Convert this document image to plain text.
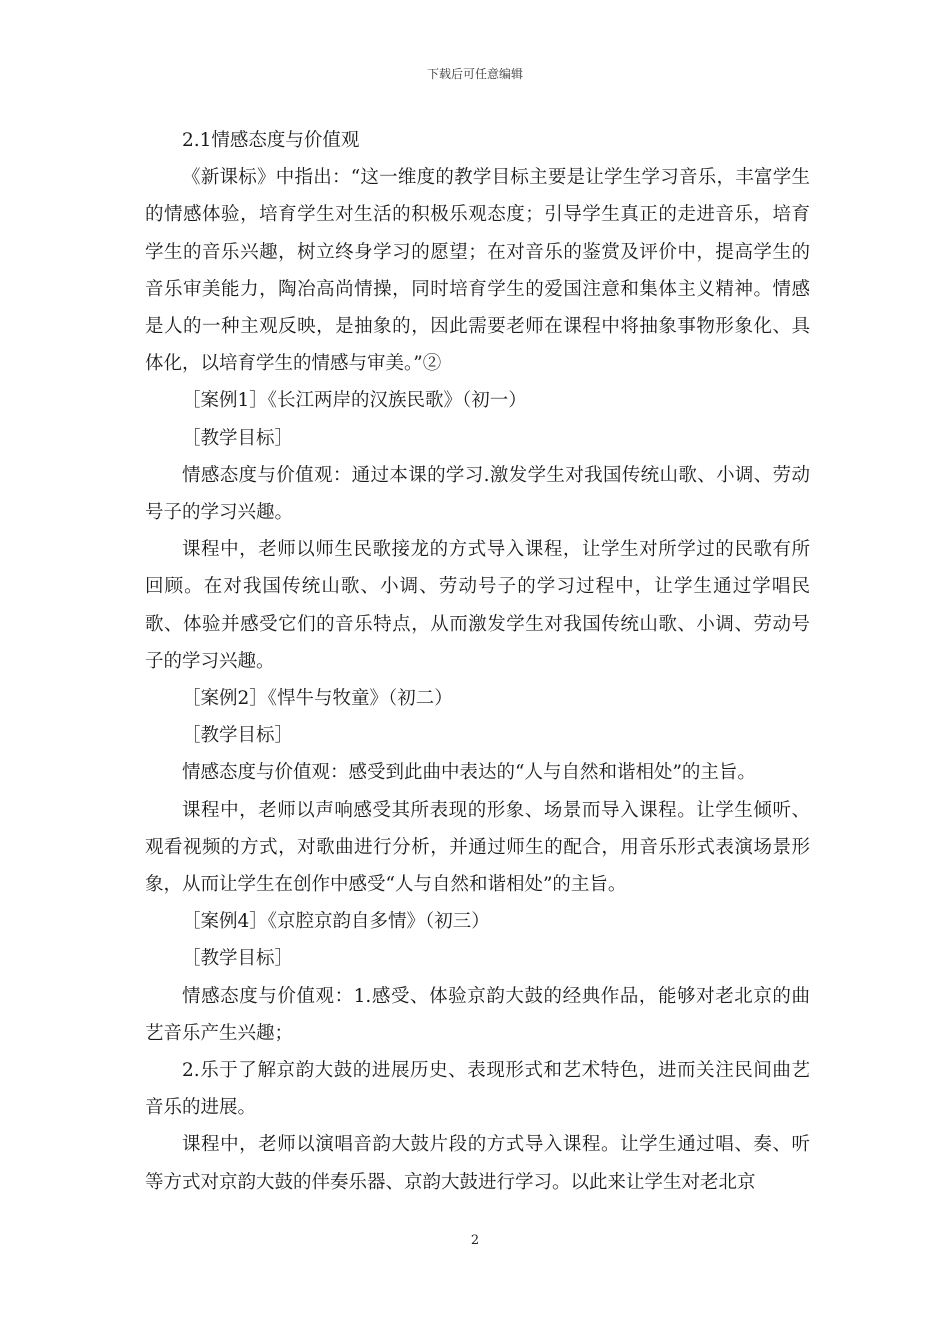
下载后可任意编辑

2.1情感态度与价值观

《新课标》中指出：“这一维度的教学目标主要是让学生学习音乐，丰富学生的情感体验，培育学生对生活的积极乐观态度；引导学生真正的走进音乐，培育学生的音乐兴趣，树立终身学习的愿望；在对音乐的鉴赏及评价中，提高学生的音乐审美能力，陶冶高尚情操，同时培育学生的爱国注意和集体主义精神。情感是人的一种主观反映，是抽象的，因此需要老师在课程中将抽象事物形象化、具体化，以培育学生的情感与审美。”②

［案例1］《长江两岸的汉族民歌》（初一）

［教学目标］

情感态度与价值观：通过本课的学习.激发学生对我国传统山歌、小调、劳动号子的学习兴趣。

课程中，老师以师生民歌接龙的方式导入课程，让学生对所学过的民歌有所回顾。在对我国传统山歌、小调、劳动号子的学习过程中，让学生通过学唱民歌、体验并感受它们的音乐特点，从而激发学生对我国传统山歌、小调、劳动号子的学习兴趣。

［案例2］《悍牛与牧童》（初二）

［教学目标］

情感态度与价值观：感受到此曲中表达的“人与自然和谐相处”的主旨。

课程中，老师以声响感受其所表现的形象、场景而导入课程。让学生倾听、观看视频的方式，对歌曲进行分析，并通过师生的配合，用音乐形式表演场景形象，从而让学生在创作中感受“人与自然和谐相处”的主旨。

［案例4］《京腔京韵自多情》（初三）

［教学目标］

情感态度与价值观：1.感受、体验京韵大鼓的经典作品，能够对老北京的曲艺音乐产生兴趣；

2.乐于了解京韵大鼓的进展历史、表现形式和艺术特色，进而关注民间曲艺音乐的进展。

课程中，老师以演唱音韵大鼓片段的方式导入课程。让学生通过唱、奏、听等方式对京韵大鼓的伴奏乐器、京韵大鼓进行学习。以此来让学生对老北京

2
